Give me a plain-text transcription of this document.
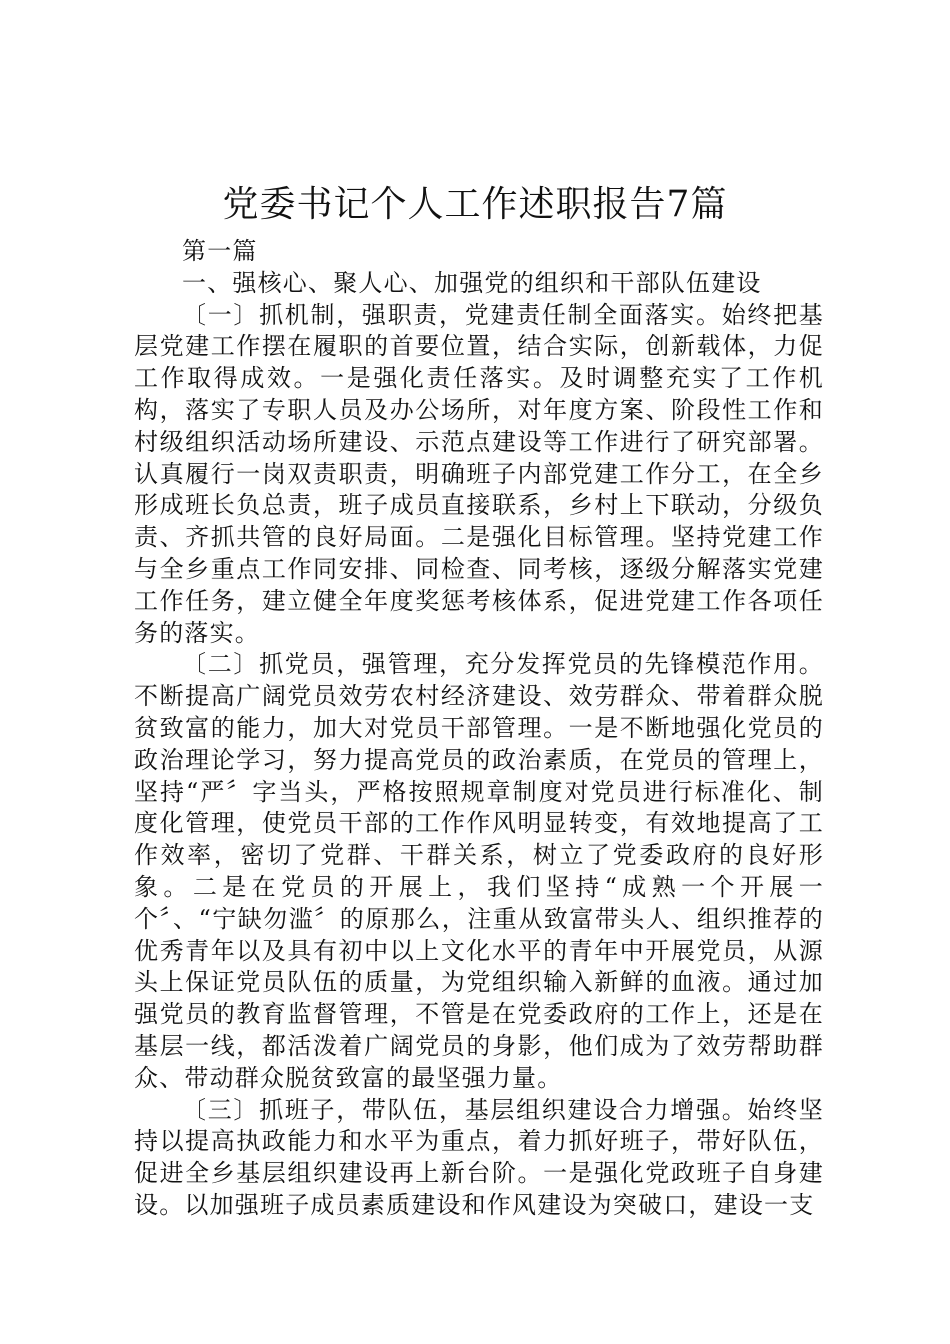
党委书记个人工作述职报告7篇

第一篇

一、强核心、聚人心、加强党的组织和干部队伍建设

〔一〕抓机制，强职责，党建责任制全面落实。始终把基层党建工作摆在履职的首要位置，结合实际，创新载体，力促工作取得成效。一是强化责任落实。及时调整充实了工作机构，落实了专职人员及办公场所，对年度方案、阶段性工作和村级组织活动场所建设、示范点建设等工作进行了研究部署。认真履行一岗双责职责，明确班子内部党建工作分工，在全乡形成班长负总责，班子成员直接联系，乡村上下联动，分级负责、齐抓共管的良好局面。二是强化目标管理。坚持党建工作与全乡重点工作同安排、同检查、同考核，逐级分解落实党建工作任务，建立健全年度奖惩考核体系，促进党建工作各项任务的落实。

〔二〕抓党员，强管理，充分发挥党员的先锋模范作用。不断提高广阔党员效劳农村经济建设、效劳群众、带着群众脱贫致富的能力，加大对党员干部管理。一是不断地强化党员的政治理论学习，努力提高党员的政治素质，在党员的管理上，坚持“严〞字当头，严格按照规章制度对党员进行标准化、制度化管理，使党员干部的工作作风明显转变，有效地提高了工作效率，密切了党群、干群关系，树立了党委政府的良好形象。二是在党员的开展上，我们坚持“成熟一个开展一个〞、“宁缺勿滥〞的原那么，注重从致富带头人、组织推荐的优秀青年以及具有初中以上文化水平的青年中开展党员，从源头上保证党员队伍的质量，为党组织输入新鲜的血液。通过加强党员的教育监督管理，不管是在党委政府的工作上，还是在基层一线，都活泼着广阔党员的身影，他们成为了效劳帮助群众、带动群众脱贫致富的最坚强力量。

〔三〕抓班子，带队伍，基层组织建设合力增强。始终坚持以提高执政能力和水平为重点，着力抓好班子，带好队伍，促进全乡基层组织建设再上新台阶。一是强化党政班子自身建设。以加强班子成员素质建设和作风建设为突破口，建设一支
